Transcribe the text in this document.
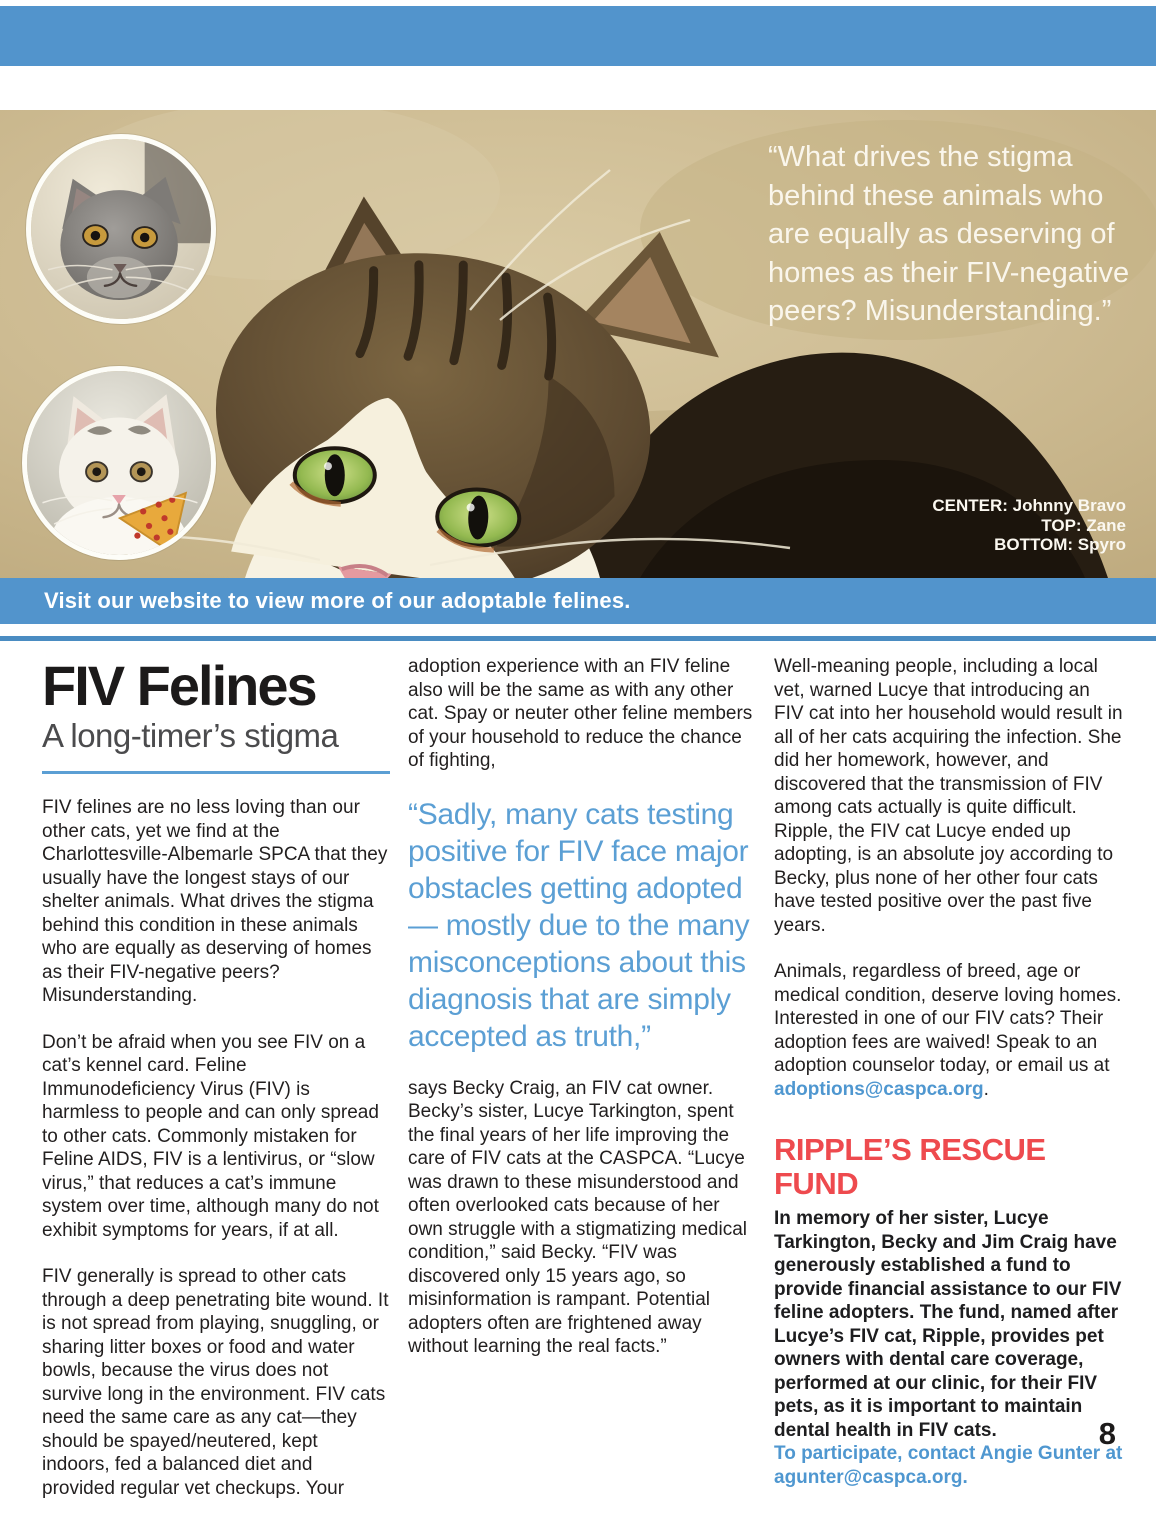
“What drives the stigma behind these animals who are equally as deserving of homes as their FIV-negative peers? Misunderstanding.”
CENTER: Johnny Bravo
TOP: Zane
BOTTOM: Spyro
Visit our website to view more of our adoptable felines.
FIV Felines
A long-timer’s stigma

FIV felines are no less loving than our other cats, yet we find at the Charlottesville-Albemarle SPCA that they usually have the longest stays of our shelter animals. What drives the stigma behind this condition in these animals who are equally as deserving of homes as their FIV-negative peers? Misunderstanding.

Don’t be afraid when you see FIV on a cat’s kennel card. Feline Immunodeficiency Virus (FIV) is harmless to people and can only spread to other cats. Commonly mistaken for Feline AIDS, FIV is a lentivirus, or “slow virus,” that reduces a cat’s immune system over time, although many do not exhibit symptoms for years, if at all.

FIV generally is spread to other cats through a deep penetrating bite wound. It is not spread from playing, snuggling, or sharing litter boxes or food and water bowls, because the virus does not survive long in the environment. FIV cats need the same care as any cat—they should be spayed/neutered, kept indoors, fed a balanced diet and provided regular vet checkups. Your

adoption experience with an FIV feline also will be the same as with any other cat. Spay or neuter other feline members of your household to reduce the chance of fighting,

“Sadly, many cats testing positive for FIV face major obstacles getting adopted— mostly due to the many misconceptions about this diagnosis that are simply accepted as truth,”

says Becky Craig, an FIV cat owner. Becky’s sister, Lucye Tarkington, spent the final years of her life improving the care of FIV cats at the CASPCA. “Lucye was drawn to these misunderstood and often overlooked cats because of her own struggle with a stigmatizing medical condition,” said Becky. “FIV was discovered only 15 years ago, so misinformation is rampant. Potential adopters often are frightened away without learning the real facts.”

Well-meaning people, including a local vet, warned Lucye that introducing an FIV cat into her household would result in all of her cats acquiring the infection. She did her homework, however, and discovered that the transmission of FIV among cats actually is quite difficult. Ripple, the FIV cat Lucye ended up adopting, is an absolute joy according to Becky, plus none of her other four cats have tested positive over the past five years.

Animals, regardless of breed, age or medical condition, deserve loving homes. Interested in one of our FIV cats? Their adoption fees are waived! Speak to an adoption counselor today, or email us at adoptions@caspca.org.

RIPPLE’S RESCUE FUND

In memory of her sister, Lucye Tarkington, Becky and Jim Craig have generously established a fund to provide financial assistance to our FIV feline adopters. The fund, named after Lucye’s FIV cat, Ripple, provides pet owners with dental care coverage, performed at our clinic, for their FIV pets, as it is important to maintain dental health in FIV cats.

To participate, contact Angie Gunter at agunter@caspca.org.

8
